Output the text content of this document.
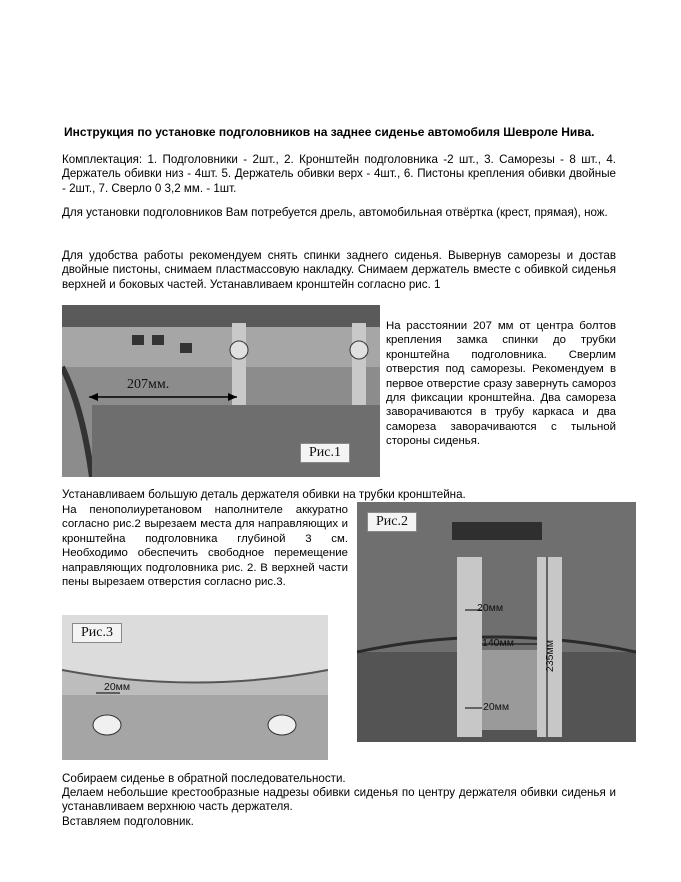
Инструкция по установке подголовников на заднее сиденье автомобиля Шевроле Нива.

Комплектация: 1. Подголовники - 2шт., 2. Кронштейн подголовника -2 шт., 3. Саморезы - 8 шт., 4. Держатель обивки низ - 4шт. 5. Держатель обивки верх - 4шт., 6. Пистоны крепления обивки двойные - 2шт., 7. Сверло 0 3,2 мм. - 1шт.

Для установки подголовников Вам потребуется дрель, автомобильная отвёртка (крест, прямая), нож.

Для удобства работы рекомендуем снять спинки заднего сиденья. Вывернув саморезы и достав двойные пистоны, снимаем пластмассовую накладку. Снимаем держатель вместе с обивкой сиденья верхней и боковых частей. Устанавливаем кронштейн согласно рис. 1

207мм.
Рис.1

На расстоянии 207 мм от центра болтов крепления замка спинки до трубки кронштейна подголовника. Сверлим отверстия под саморезы. Рекомендуем в первое отверстие сразу завернуть самороз для фиксации кронштейна. Два самореза заворачиваются в трубу каркаса и два самореза заворачиваются с тыльной стороны сиденья.

Устанавливаем большую деталь держателя обивки на трубки кронштейна.

На пенополиуретановом наполнителе аккуратно согласно рис.2 вырезаем места для направляющих и кронштейна подголовника глубиной 3 см. Необходимо обеспечить свободное перемещение направляющих подголовника рис. 2. В верхней части пены вырезаем отверстия согласно рис.3.

Рис.2
20мм
140мм
20мм
235мм
Рис.3
20мм

Собираем сиденье в обратной последовательности.

Делаем небольшие крестообразные надрезы обивки сиденья по центру держателя обивки сиденья и устанавливаем верхнюю часть держателя.

Вставляем подголовник.
